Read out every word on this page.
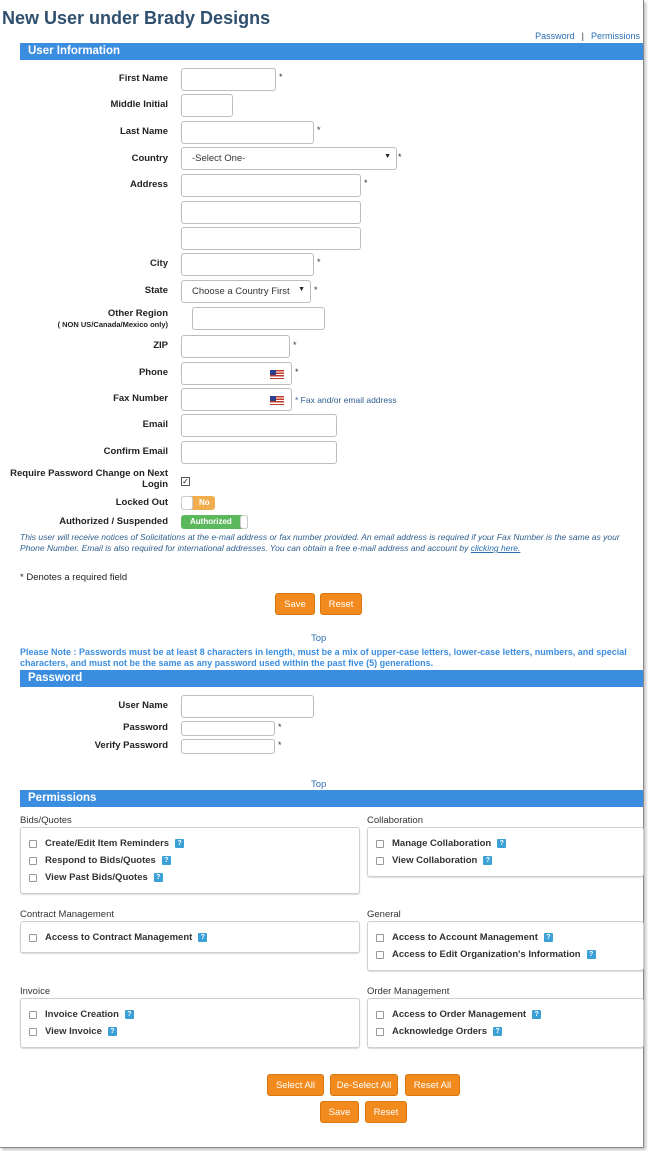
New User under Brady Designs
Password | Permissions
User Information
First Name	*
Middle Initial
Last Name	*
Country	-Select One-	▼ *
Address	*
City	*
State	Choose a Country First ▼ *
Other Region
( NON US/Canada/Mexico only)
ZIP	*
Phone	*
Fax Number	* Fax and/or email address
Email
Confirm Email
Require Password Change on Next Login ✓
Locked Out	No
Authorized / Suspended	Authorized
This user will receive notices of Solicitations at the e-mail address or fax number provided. An email address is required if your Fax Number is the same as your Phone Number. Email is also required for international addresses. You can obtain a free e-mail address and account by clicking here.
* Denotes a required field
Save	Reset
Top
Please Note : Passwords must be at least 8 characters in length, must be a mix of upper-case letters, lower-case letters, numbers, and special characters, and must not be the same as any password used within the past five (5) generations.
Password
User Name
Password	*
Verify Password	*
Top
Permissions
Bids/Quotes
Create/Edit Item Reminders	?
Respond to Bids/Quotes	?
View Past Bids/Quotes	?
Collaboration
Manage Collaboration	?
View Collaboration	?
Contract Management
Access to Contract Management	?
General
Access to Account Management	?
Access to Edit Organization's Information	?
Invoice
Invoice Creation	?
View Invoice	?
Order Management
Access to Order Management	?
Acknowledge Orders	?
Select All	De-Select All	Reset All
Save	Reset
